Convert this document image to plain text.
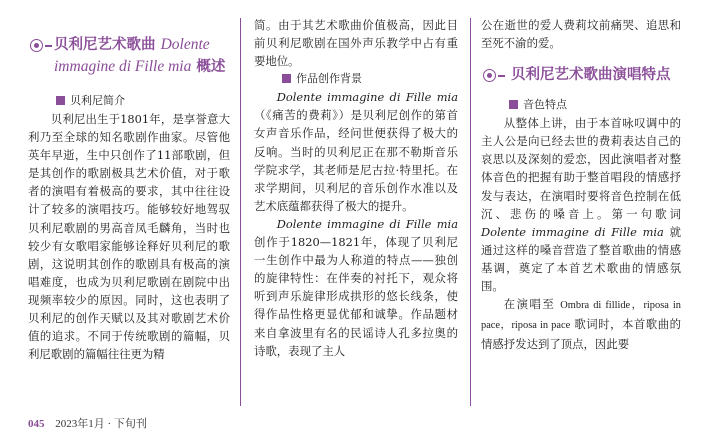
贝利尼艺术歌曲 Dolente immagine di Fille mia 概述

贝利尼简介

贝利尼出生于1801年，是享誉意大利乃至全球的知名歌剧作曲家。尽管他英年早逝，生中只创作了11部歌剧，但是其创作的歌剧极具艺术价值，对于歌者的演唱有着极高的要求，其中往往设计了较多的演唱技巧。能够较好地驾驭贝利尼歌剧的男高音凤毛麟角，当时也较少有女歌唱家能够诠释好贝利尼的歌剧，这说明其创作的歌剧具有极高的演唱难度，也成为贝利尼歌剧在剧院中出现频率较少的原因。同时，这也表明了贝利尼的创作天赋以及其对歌剧艺术价值的追求。不同于传统歌剧的篇幅，贝利尼歌剧的篇幅往往更为精

简。由于其艺术歌曲价值极高，因此目前贝利尼歌剧在国外声乐教学中占有重要地位。

作品创作背景

Dolente immagine di Fille mia（《痛苦的费莉》）是贝利尼创作的第首女声音乐作品，经问世便获得了极大的反响。当时的贝利尼正在那不勒斯音乐学院求学，其老师是尼古拉·特里托。在求学期间，贝利尼的音乐创作水准以及艺术底蕴都获得了极大的提升。

Dolente immagine di Fille mia创作于1820—1821年，体现了贝利尼一生创作中最为人称道的特点——独创的旋律特性：在伴奏的衬托下，观众将听到声乐旋律形成拱形的悠长线条，使得作品性格更显优郁和诚挚。作品题材来自拿波里有名的民谣诗人孔多拉奥的诗歌，表现了主人

公在逝世的爱人费莉坟前痛哭、追思和至死不渝的爱。

贝利尼艺术歌曲演唱特点

音色特点

从整体上讲，由于本首咏叹调中的主人公是向已经去世的费莉表达自己的哀思以及深刻的爱恋，因此演唱者对整体音色的把握有助于整首唱段的情感抒发与表达，在演唱时要将音色控制在低沉、悲伤的嗓音上。第一句歌词 Dolente immagine di Fille mia 就通过这样的嗓音营造了整首歌曲的情感基调，奠定了本首艺术歌曲的情感氛围。

在演唱至 Ombra di fillide，riposa in pace，riposa in pace 歌词时，本首歌曲的情感抒发达到了顶点，因此要

045 2023年1月 · 下旬刊
